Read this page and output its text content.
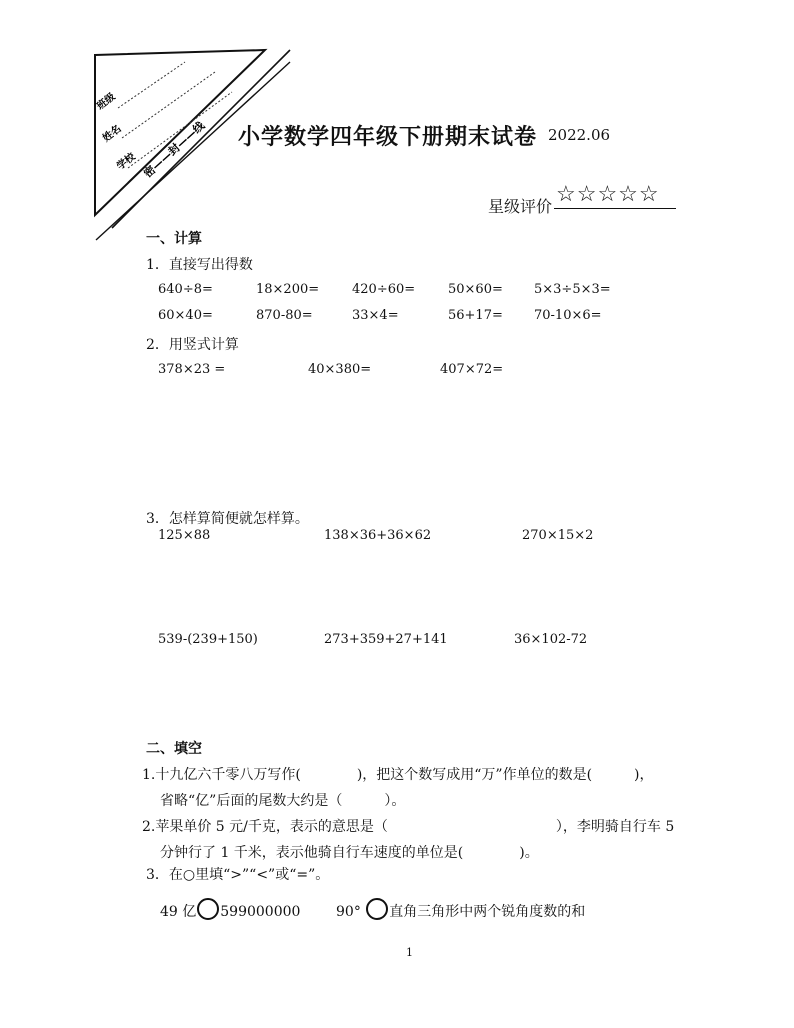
班级
姓名
学校 密——封——线 小学数学四年级下册期末试卷 2022.06
星级评价 ☆☆☆☆☆
一、计算
1．直接写出得数
640÷8=	18×200=	420÷60=	50×60= 5×3÷5×3=
60×40=	870-80=	33×4=	56+17= 70-10×6=
2．用竖式计算
378×23 =	40×380=	407×72=
3．怎样算简便就怎样算。
125×88	138×36+36×62	270×15×2
539-(239+150)	273+359+27+141	36×102-72
二、填空
1.十九亿六千零八万写作(　　　　)，把这个数写成用“万”作单位的数是(　　　)，
省略“亿”后面的尾数大约是（　　　）。
2.苹果单价 5 元/千克，表示的意思是（　　　　　　　　　　　　），李明骑自行车 5
分钟行了 1 千米，表示他骑自行车速度的单位是(　　　　)。
3．在○里填“>”“<”或“=”。
49 亿 599000000	90° 直角三角形中两个锐角度数的和
1
